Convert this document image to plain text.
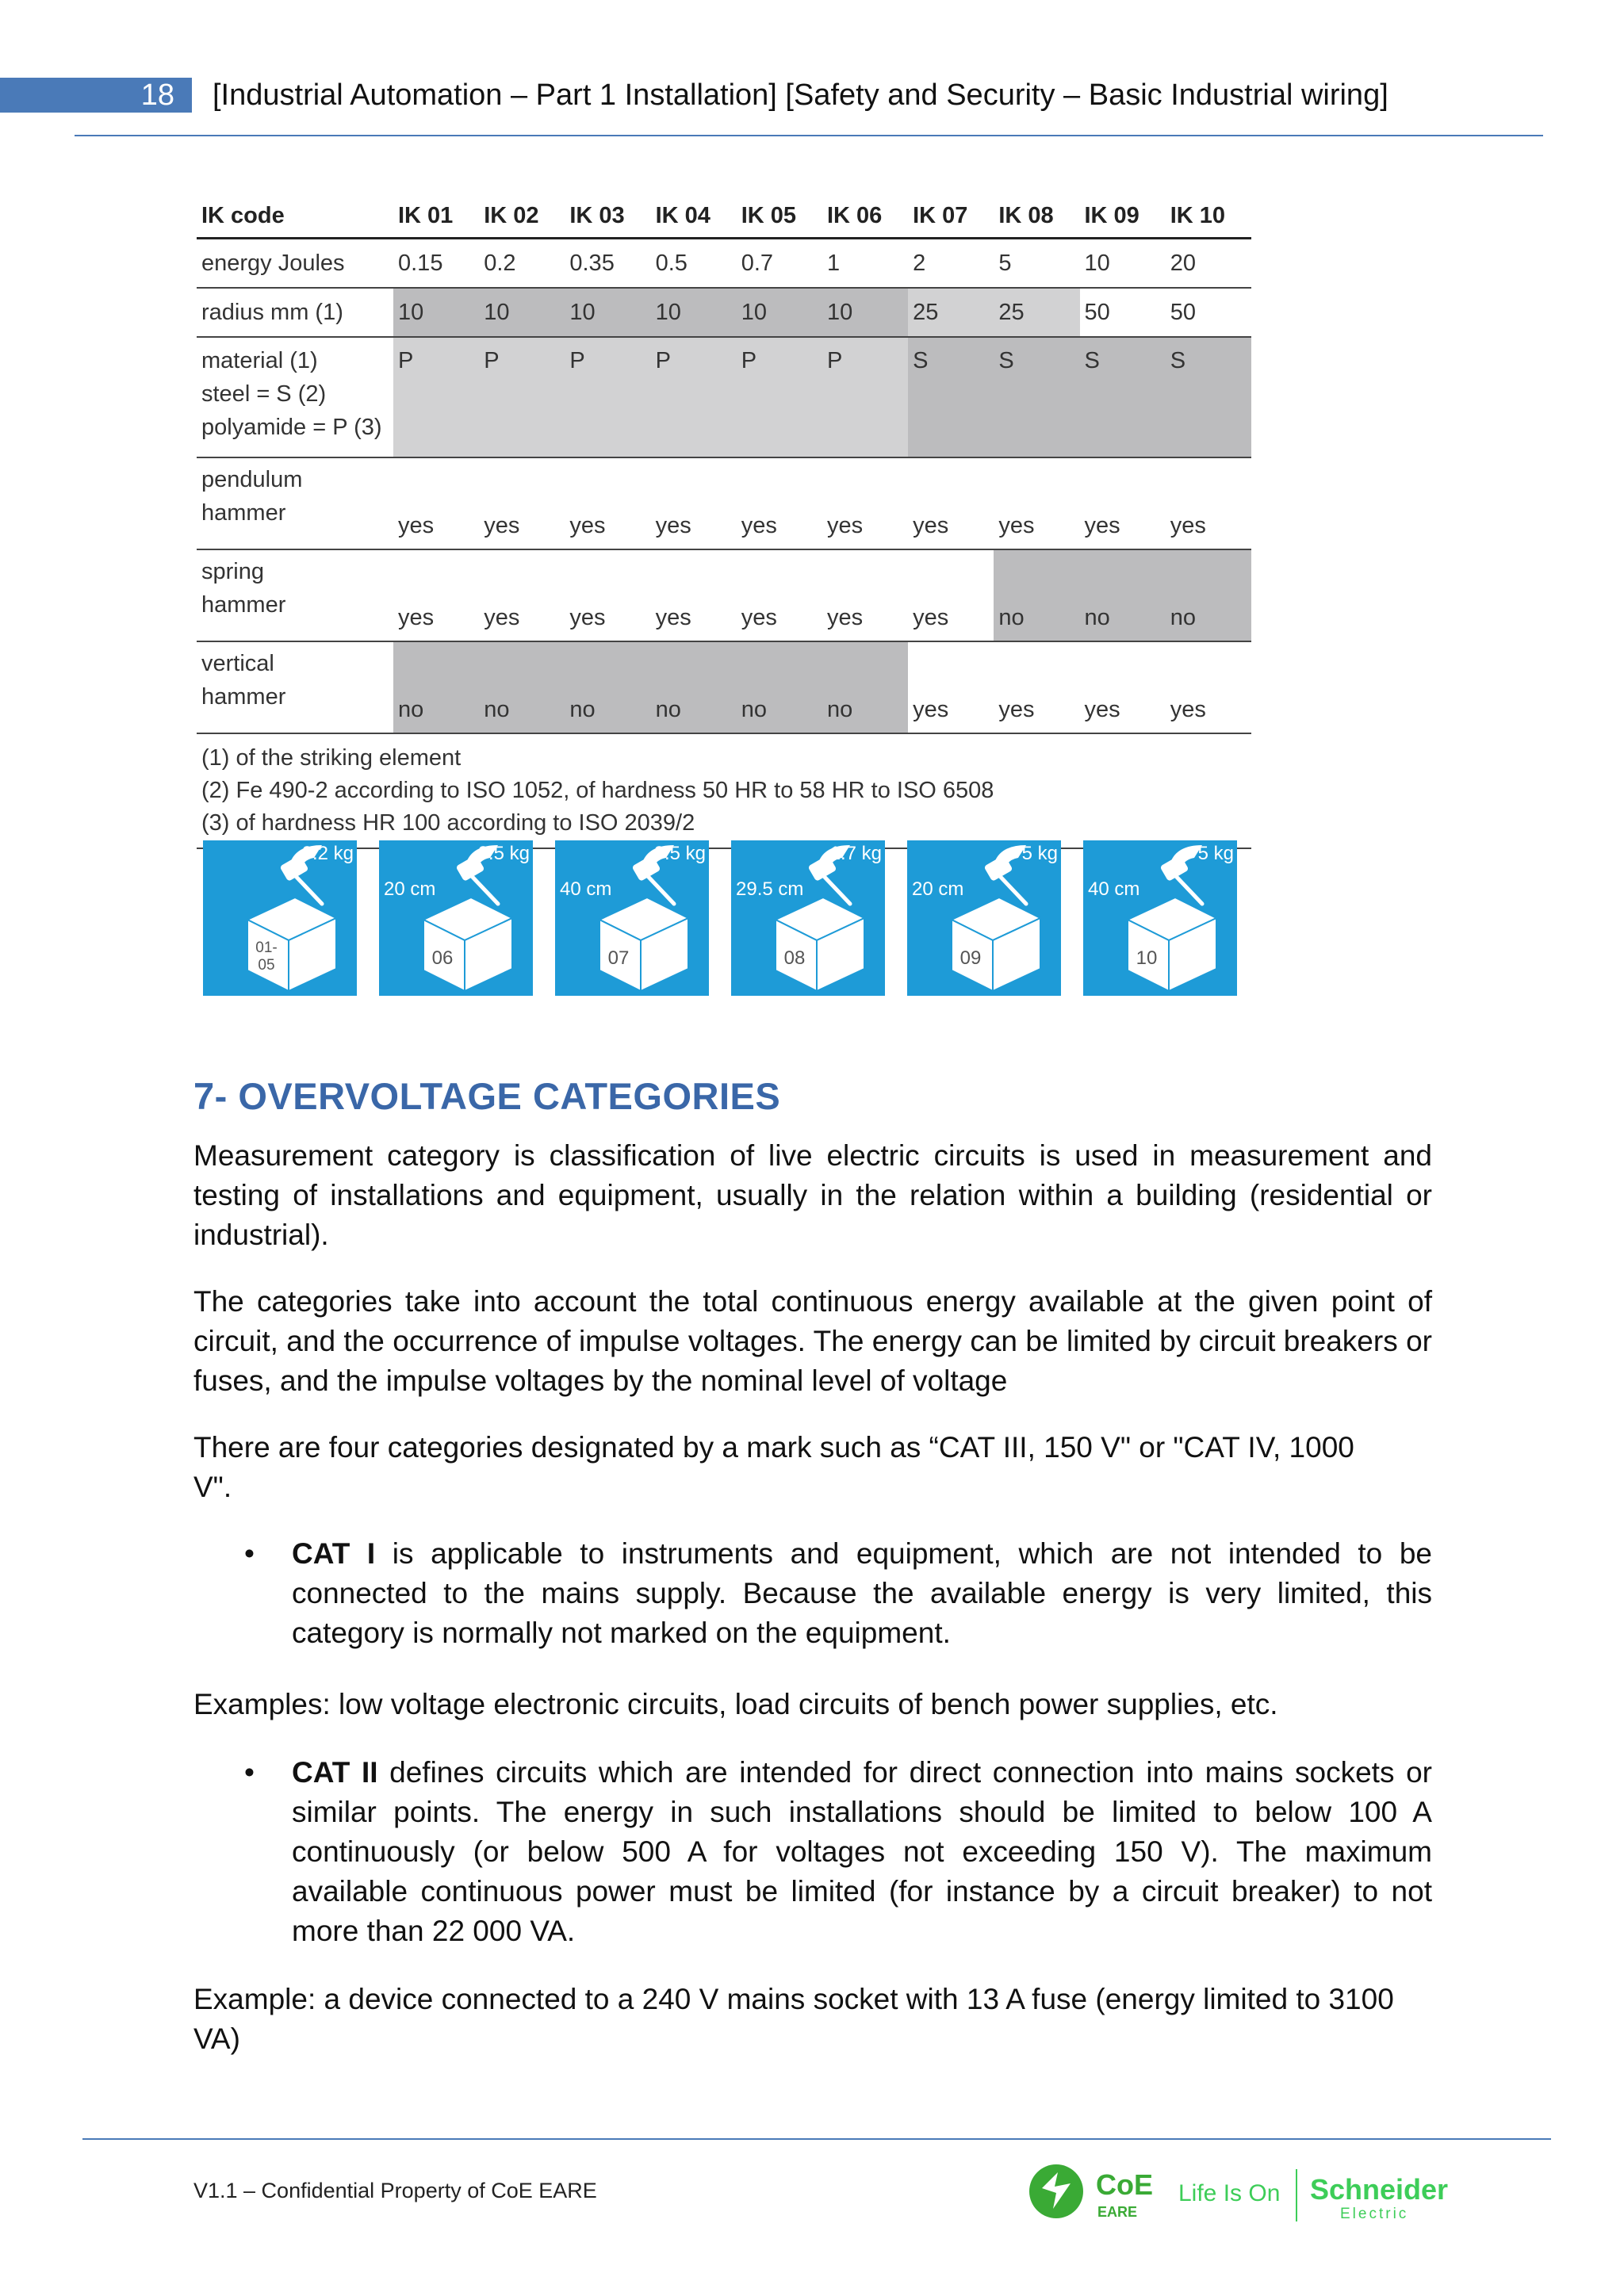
18	[Industrial Automation – Part 1 Installation] [Safety and Security – Basic Industrial wiring]
IK code	IK 01	IK 02	IK 03	IK 04	IK 05	IK 06	IK 07	IK 08	IK 09	IK 10
energy Joules	0.15	0.2	0.35	0.5	0.7	1	2	5	10	20
radius mm (1)	10	10	10	10	10	10	25	25	50	50

material (1)
steel = S (2)
polyamide = P (3)	P	P	P	P	P	P	S	S	S	S

pendulum
hammer	yes	yes	yes	yes	yes	yes	yes	yes	yes	yes

spring
hammer	yes	yes	yes	yes	yes	yes	yes	no	no	no

vertical
hammer	no	no	no	no	no	no	yes	yes	yes	yes

(1) of the striking element
(2) Fe 490-2 according to ISO 1052, of hardness 50 HR to 58 HR to ISO 6508
(3) of hardness HR 100 according to ISO 2039/2										
0.2 kg
01-
05
0.5 kg
20 cm
06
0.5 kg
40 cm
07
1.7 kg
29.5 cm
08
5 kg
20 cm
09
5 kg
40 cm
10
7- OVERVOLTAGE CATEGORIES
Measurement category is classification of live electric circuits is used in measurement and testing of installations and equipment, usually in the relation within a building (residential or industrial).
The categories take into account the total continuous energy available at the given point of circuit, and the occurrence of impulse voltages. The energy can be limited by circuit breakers or fuses, and the impulse voltages by the nominal level of voltage
There are four categories designated by a mark such as “CAT III, 150 V" or "CAT IV, 1000
V".
•	CAT I is applicable to instruments and equipment, which are not intended to be connected to the mains supply. Because the available energy is very limited, this category is normally not marked on the equipment.
Examples: low voltage electronic circuits, load circuits of bench power supplies, etc.
•	CAT II defines circuits which are intended for direct connection into mains sockets or similar points. The energy in such installations should be limited to below 100 A continuously (or below 500 A for voltages not exceeding 150 V). The maximum available continuous power must be limited (for instance by a circuit breaker) to not more than 22 000 VA.
Example: a device connected to a 240 V mains socket with 13 A fuse (energy limited to 3100 VA)
V1.1 – Confidential Property of CoE EARE	CoE
EARE
Life Is On Schneider
Electric
